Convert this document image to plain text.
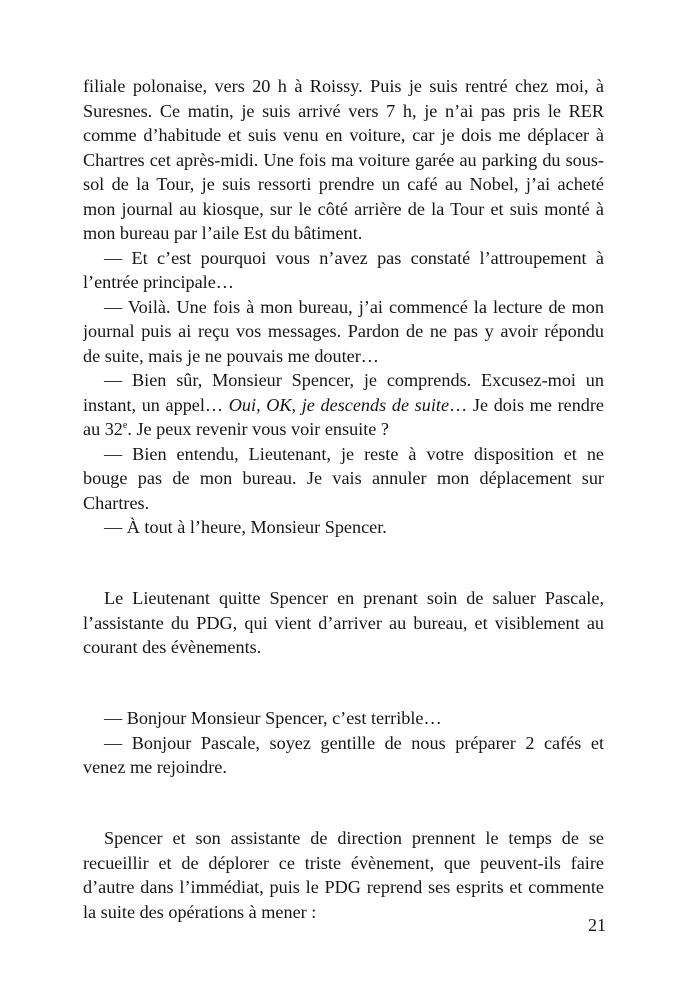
filiale polonaise, vers 20 h à Roissy. Puis je suis rentré chez moi, à
Suresnes. Ce matin, je suis arrivé vers 7 h, je n’ai pas pris le RER
comme d’habitude et suis venu en voiture, car je dois me déplacer à
Chartres cet après-midi. Une fois ma voiture garée au parking du sous-
sol de la Tour, je suis ressorti prendre un café au Nobel, j’ai acheté
mon journal au kiosque, sur le côté arrière de la Tour et suis monté à
mon bureau par l’aile Est du bâtiment.
— Et c’est pourquoi vous n’avez pas constaté l’attroupement à
l’entrée principale…
— Voilà. Une fois à mon bureau, j’ai commencé la lecture de mon
journal puis ai reçu vos messages. Pardon de ne pas y avoir répondu
de suite, mais je ne pouvais me douter…
— Bien sûr, Monsieur Spencer, je comprends. Excusez-moi un
instant, un appel… Oui, OK, je descends de suite… Je dois me rendre
au 32e. Je peux revenir vous voir ensuite ?
— Bien entendu, Lieutenant, je reste à votre disposition et ne
bouge pas de mon bureau. Je vais annuler mon déplacement sur
Chartres.
— À tout à l’heure, Monsieur Spencer.
Le Lieutenant quitte Spencer en prenant soin de saluer Pascale,
l’assistante du PDG, qui vient d’arriver au bureau, et visiblement au
courant des évènements.
— Bonjour Monsieur Spencer, c’est terrible…
— Bonjour Pascale, soyez gentille de nous préparer 2 cafés et
venez me rejoindre.
Spencer et son assistante de direction prennent le temps de se
recueillir et de déplorer ce triste évènement, que peuvent-ils faire
d’autre dans l’immédiat, puis le PDG reprend ses esprits et commente
la suite des opérations à mener :
21
